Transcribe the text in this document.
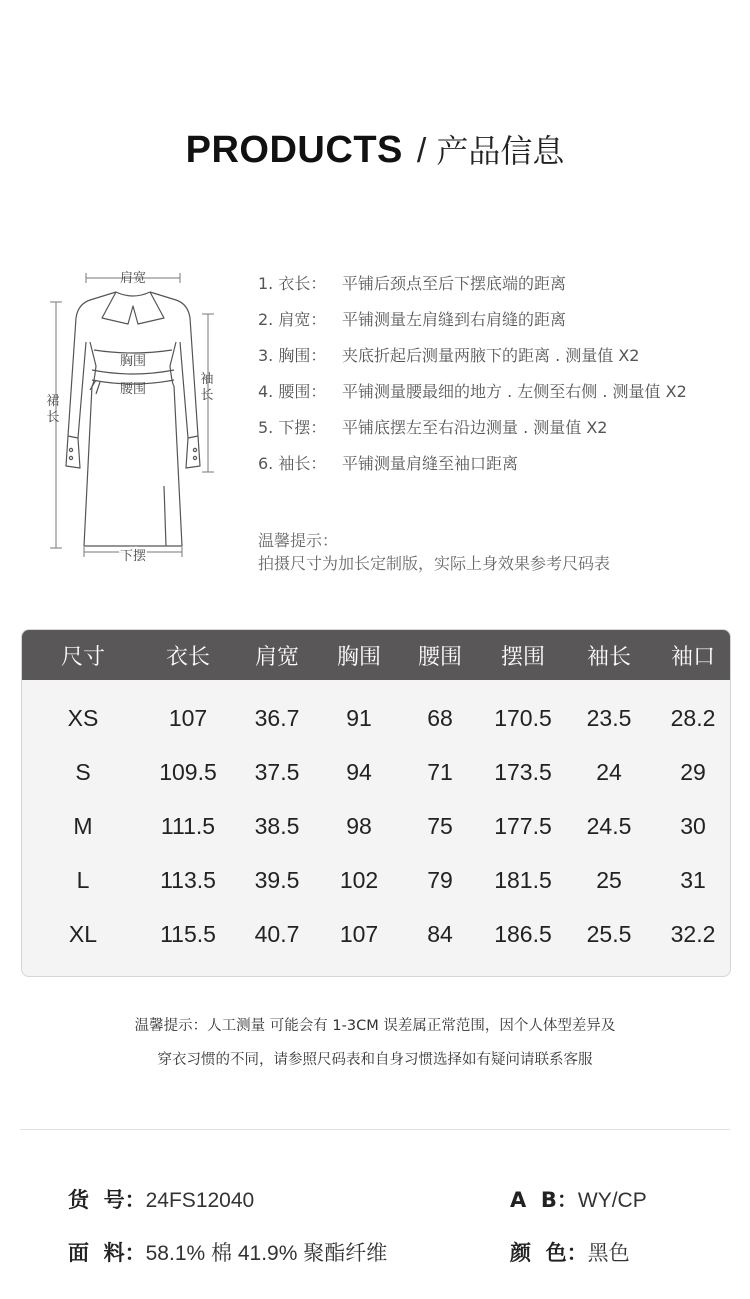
PRODUCTS / 产品信息
肩宽
胸围
腰围
下摆
裙长
袖长
1. 衣长： 平铺后颈点至后下摆底端的距离
2. 肩宽： 平铺测量左肩缝到右肩缝的距离
3. 胸围： 夹底折起后测量两腋下的距离 . 测量值 X2
4. 腰围： 平铺测量腰最细的地方 . 左侧至右侧 . 测量值 X2
5. 下摆： 平铺底摆左至右沿边测量 . 测量值 X2
6. 袖长： 平铺测量肩缝至袖口距离
温馨提示：
拍摄尺寸为加长定制版，实际上身效果参考尺码表
尺寸	衣长	肩宽	胸围	腰围	摆围	袖长	袖口
XS	107	36.7	91	68	170.5	23.5	28.2
S	109.5	37.5	94	71	173.5	24	29
M	111.5	38.5	98	75	177.5	24.5	30
L	113.5	39.5	102	79	181.5	25	31
XL	115.5	40.7	107	84	186.5	25.5	32.2
温馨提示：人工测量 可能会有 1-3CM 误差属正常范围，因个人体型差异及
穿衣习惯的不同，请参照尺码表和自身习惯选择如有疑问请联系客服
货  号：24FS12040	A  B：WY/CP
面  料：58.1% 棉 41.9% 聚酯纤维	颜  色：黑色
